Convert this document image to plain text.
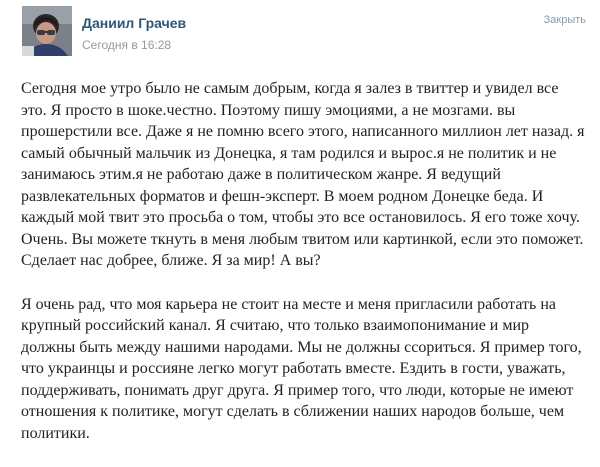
Даниил Грачев
Сегодня в 16:28
Закрыть

Сегодня мое утро было не самым добрым, когда я залез в твиттер и увидел все это. Я просто в шоке.честно. Поэтому пишу эмоциями, а не мозгами. вы прошерстили все. Даже я не помню всего этого, написанного миллион лет назад. я самый обычный мальчик из Донецка, я там родился и вырос.я не политик и не занимаюсь этим.я не работаю даже в политическом жанре. Я ведущий развлекательных форматов и фешн-эксперт. В моем родном Донецке беда. И каждый мой твит это просьба о том, чтобы это все остановилось. Я его тоже хочу. Очень. Вы можете ткнуть в меня любым твитом или картинкой, если это поможет. Сделает нас добрее, ближе. Я за мир! А вы?

Я очень рад, что моя карьера не стоит на месте и меня пригласили работать на крупный российский канал. Я считаю, что только взаимопонимание и мир должны быть между нашими народами. Мы не должны ссориться. Я пример того, что украинцы и россияне легко могут работать вместе. Ездить в гости, уважать, поддерживать, понимать друг друга. Я пример того, что люди, которые не имеют отношения к политике, могут сделать в сближении наших народов больше, чем политики.
